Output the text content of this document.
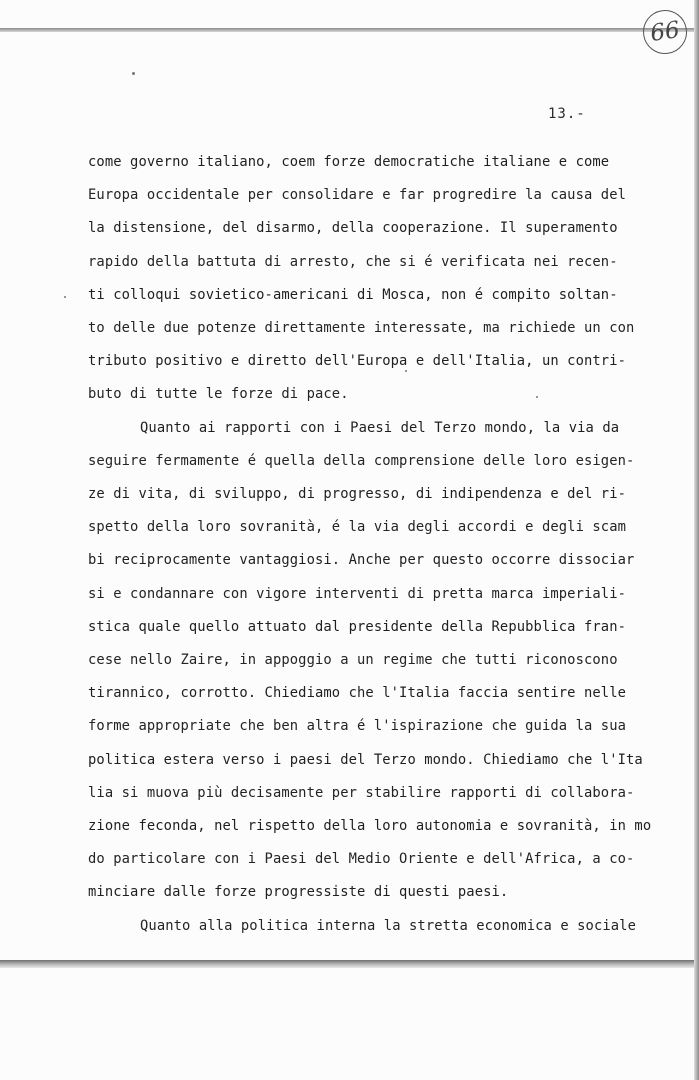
66
13.-
come governo italiano, coem forze democratiche italiane e come
Europa occidentale per consolidare e far progredire la causa del
la distensione, del disarmo, della cooperazione. Il superamento
rapido della battuta di arresto, che si é verificata nei recen-
ti colloqui sovietico-americani di Mosca, non é compito soltan-
to delle due potenze direttamente interessate, ma richiede un con
tributo positivo e diretto dell'Europa e dell'Italia, un contri-
buto di tutte le forze di pace.
Quanto ai rapporti con i Paesi del Terzo mondo, la via da
seguire fermamente é quella della comprensione delle loro esigen-
ze di vita, di sviluppo, di progresso, di indipendenza e del ri-
spetto della loro sovranità, é la via degli accordi e degli scam
bi reciprocamente vantaggiosi. Anche per questo occorre dissociar
si e condannare con vigore interventi di pretta marca imperiali-
stica quale quello attuato dal presidente della Repubblica fran-
cese nello Zaire, in appoggio a un regime che tutti riconoscono
tirannico, corrotto. Chiediamo che l'Italia faccia sentire nelle
forme appropriate che ben altra é l'ispirazione che guida la sua
politica estera verso i paesi del Terzo mondo. Chiediamo che l'Ita
lia si muova più decisamente per stabilire rapporti di collabora-
zione feconda, nel rispetto della loro autonomia e sovranità, in mo
do particolare con i Paesi del Medio Oriente e dell'Africa, a co-
minciare dalle forze progressiste di questi paesi.
Quanto alla politica interna la stretta economica e sociale
